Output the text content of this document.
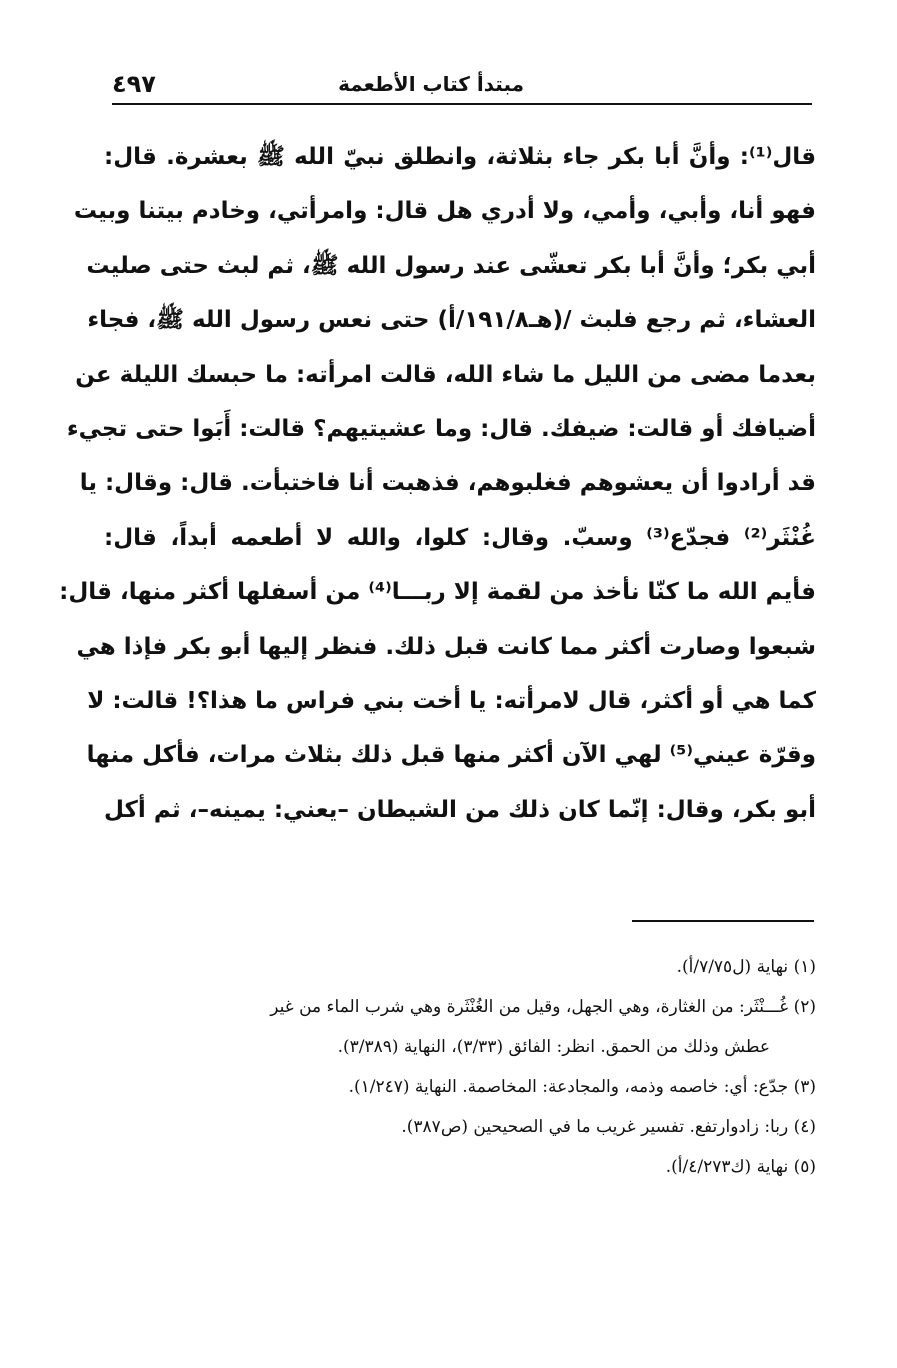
مبتدأ كتاب الأطعمة
٤٩٧
قال⁽¹⁾: وأنَّ أبا بكر جاء بثلاثة، وانطلق نبيّ الله ﷺ بعشرة. قال:
فهو أنا، وأبي، وأمي، ولا أدري هل قال: وامرأتي، وخادم بيتنا وبيت
أبي بكر؛ وأنَّ أبا بكر تعشّى عند رسول الله ﷺ، ثم لبث حتى صليت
العشاء، ثم رجع فلبث /(هـ١٩١/٨/أ) حتى نعس رسول الله ﷺ، فجاء
بعدما مضى من الليل ما شاء الله، قالت امرأته: ما حبسك الليلة عن
أضيافك أو قالت: ضيفك. قال: وما عشيتيهم؟ قالت: أَبَوا حتى تجيء
قد أرادوا أن يعشوهم فغلبوهم، فذهبت أنا فاختبأت. قال: وقال: يا
غُنْثَر⁽²⁾ فجدّع⁽³⁾ وسبّ. وقال: كلوا، والله لا أطعمه أبداً، قال:
فأيم الله ما كنّا نأخذ من لقمة إلا ربـــا⁽⁴⁾ من أسفلها أكثر منها، قال:
شبعوا وصارت أكثر مما كانت قبل ذلك. فنظر إليها أبو بكر فإذا هي
كما هي أو أكثر، قال لامرأته: يا أخت بني فراس ما هذا؟! قالت: لا
وقرّة عيني⁽⁵⁾ لهي الآن أكثر منها قبل ذلك بثلاث مرات، فأكل منها
أبو بكر، وقال: إنّما كان ذلك من الشيطان –يعني: يمينه–، ثم أكل
(١) نهاية (ل٧/٧٥/أ).
(٢) غُـــنْثَر: من الغثارة، وهي الجهل، وقيل من الغُنْثَرة وهي شرب الماء من غير
عطش وذلك من الحمق. انظر: الفائق (٣/٣٣)، النهاية (٣/٣٨٩).
(٣) جدّع: أي: خاصمه وذمه، والمجادعة: المخاصمة. النهاية (١/٢٤٧).
(٤) ربا: زادوارتفع. تفسير غريب ما في الصحيحين (ص٣٨٧).
(٥) نهاية (ك٤/٢٧٣/أ).
